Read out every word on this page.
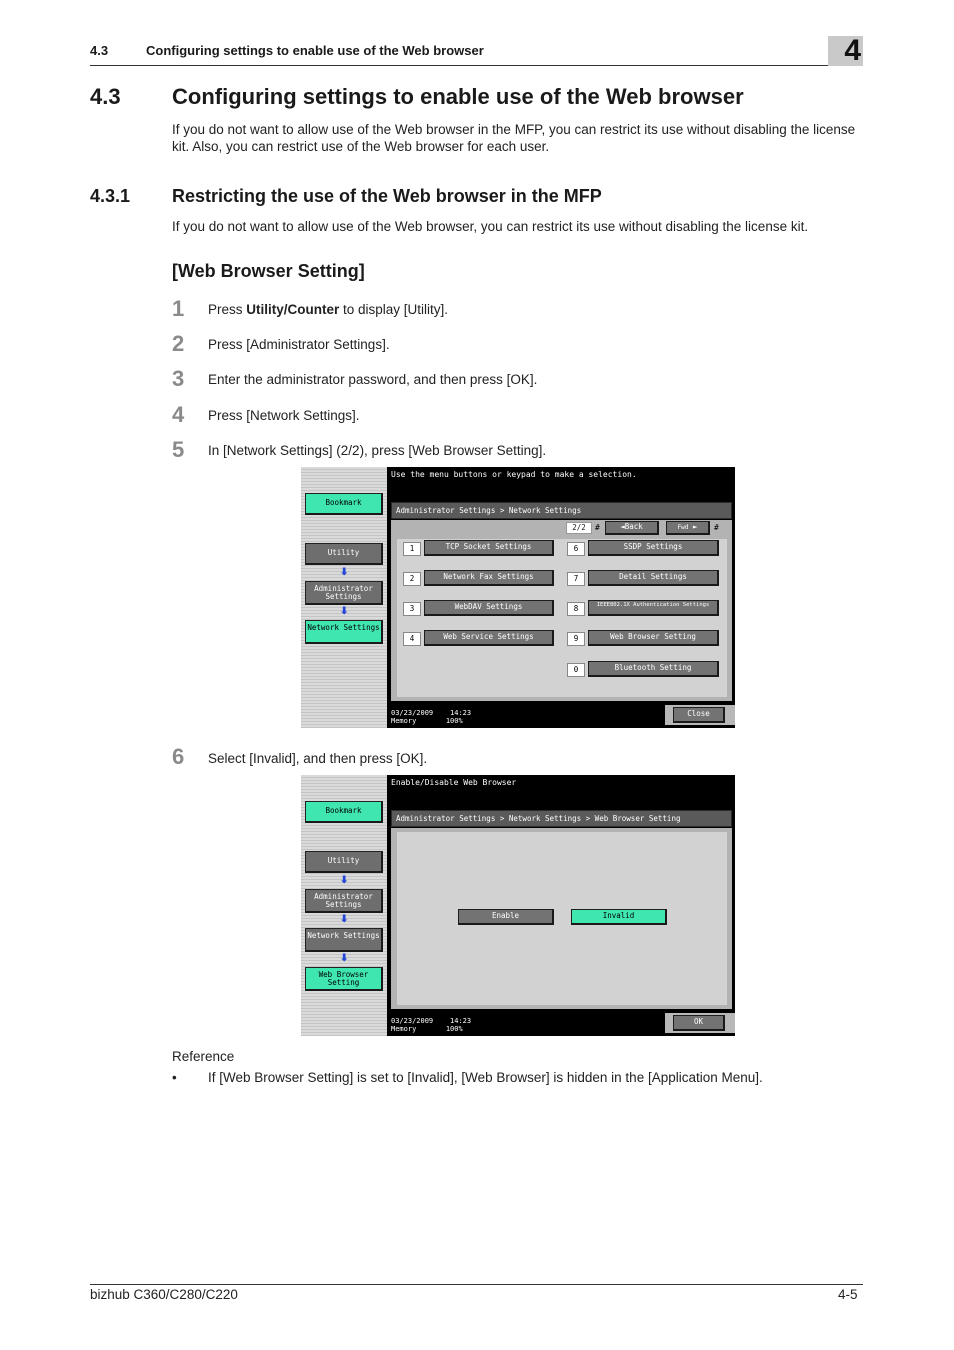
4.3	Configuring settings to enable use of the Web browser	4
4.3 Configuring settings to enable use of the Web browser
If you do not want to allow use of the Web browser in the MFP, you can restrict its use without disabling the license kit. Also, you can restrict use of the Web browser for each user.
4.3.1 Restricting the use of the Web browser in the MFP
If you do not want to allow use of the Web browser, you can restrict its use without disabling the license kit.
[Web Browser Setting]
1 Press Utility/Counter to display [Utility].
2 Press [Administrator Settings].
3 Enter the administrator password, and then press [OK].
4 Press [Network Settings].
5 In [Network Settings] (2/2), press [Web Browser Setting].
Bookmark
Utility
⬇
Administrator Settings
⬇
Network Settings
Use the menu buttons or keypad to make a selection.
Administrator Settings > Network Settings
2/2	#	◄Back	Fwd ►	#
1	TCP Socket Settings
2	Network Fax Settings
3	WebDAV Settings
4	Web Service Settings
6	SSDP Settings
7	Detail Settings
8	IEEE802.1X Authentication Settings
9	Web Browser Setting
0	Bluetooth Setting
03/23/2009 14:23
Memory	100%
Close
6 Select [Invalid], and then press [OK].
Bookmark
Utility
⬇
Administrator Settings
⬇
Network Settings
⬇
Web Browser Setting
Enable/Disable Web Browser
Administrator Settings > Network Settings > Web Browser Setting
Enable	Invalid
03/23/2009 14:23
Memory	100%
OK
Reference
• If [Web Browser Setting] is set to [Invalid], [Web Browser] is hidden in the [Application Menu].
bizhub C360/C280/C220	4-5
